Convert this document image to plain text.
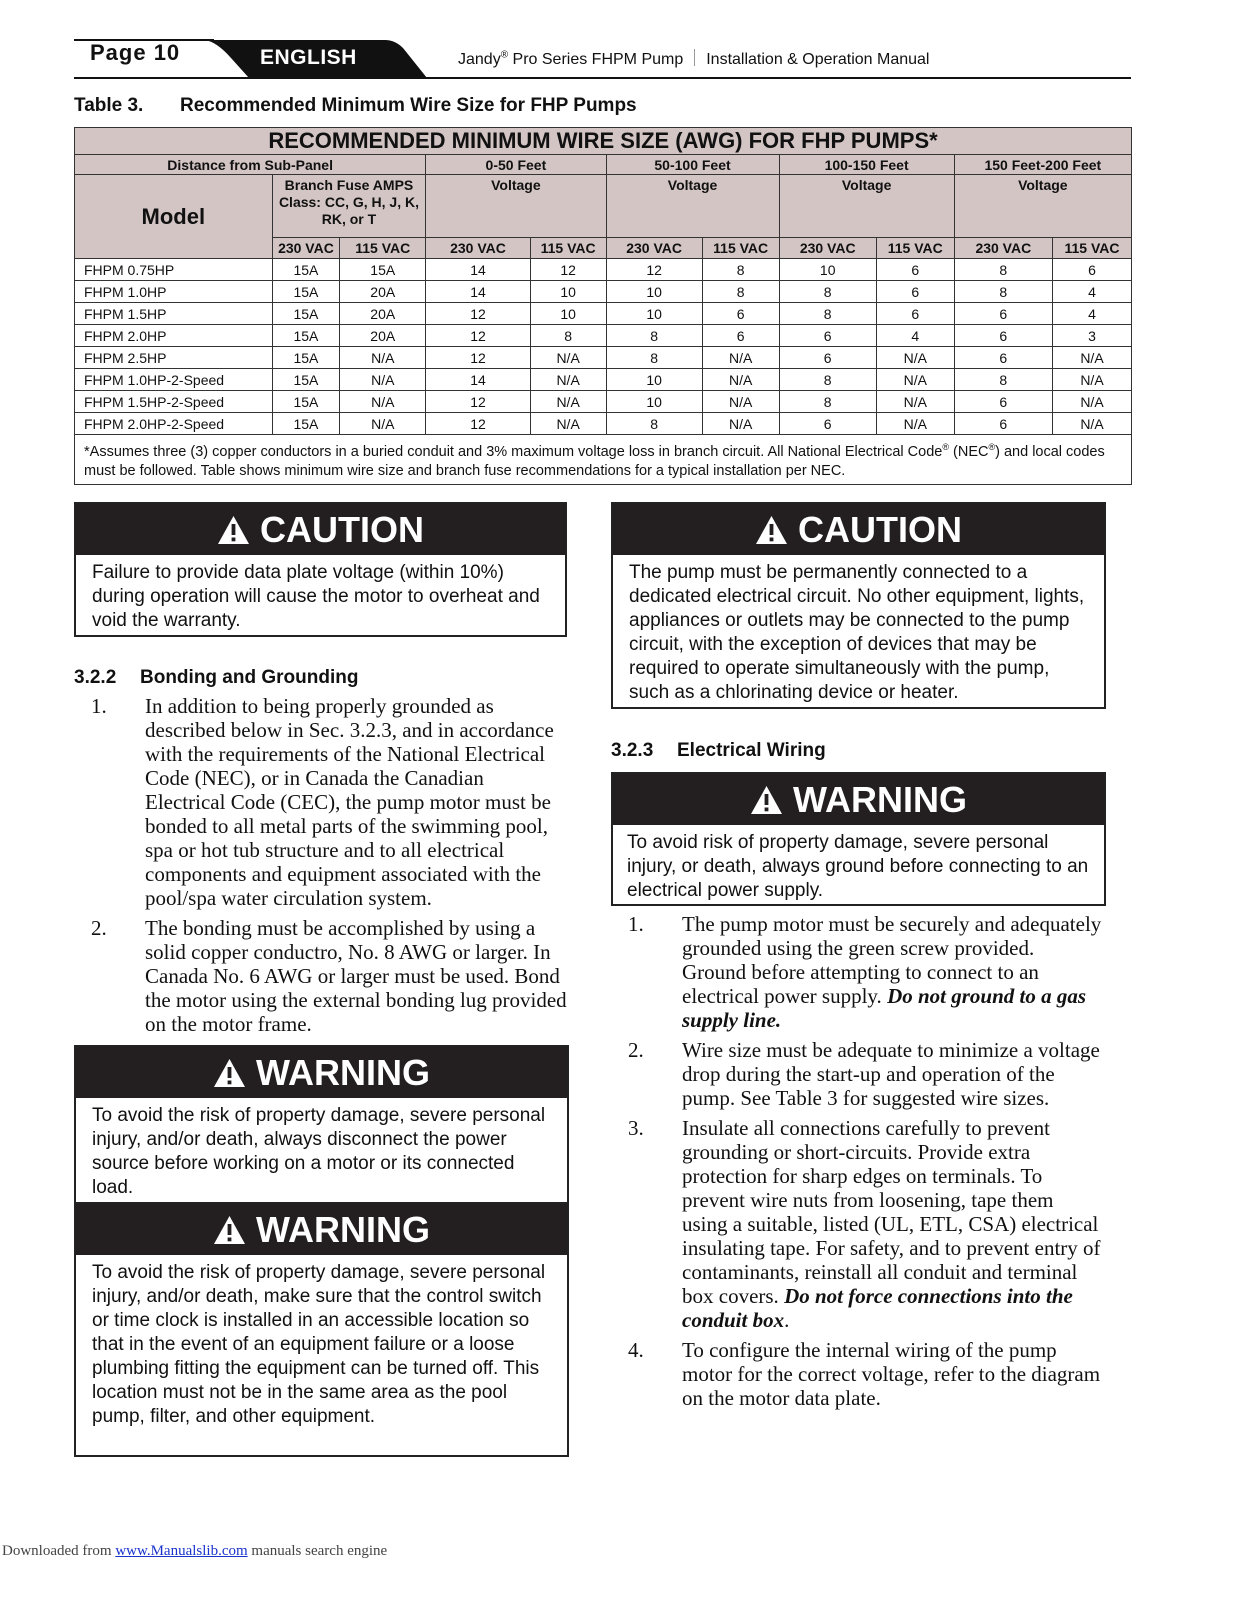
Page 10	ENGLISH	Jandy® Pro Series FHPM Pump Installation & Operation Manual
Table 3. Recommended Minimum Wire Size for FHP Pumps
RECOMMENDED MINIMUM WIRE SIZE (AWG) FOR FHP PUMPS*										
Distance from Sub-Panel			0-50 Feet		50-100 Feet		100-150 Feet		150 Feet-200 Feet	
Model	Branch Fuse AMPS Class: CC, G, H, J, K, RK, or T		Voltage		Voltage		Voltage		Voltage	
	230 VAC	115 VAC	230 VAC	115 VAC	230 VAC	115 VAC	230 VAC	115 VAC	230 VAC	115 VAC
FHPM 0.75HP	15A	15A	14	12	12	8	10	6	8	6
FHPM 1.0HP	15A	20A	14	10	10	8	8	6	8	4
FHPM 1.5HP	15A	20A	12	10	10	6	8	6	6	4
FHPM 2.0HP	15A	20A	12	8	8	6	6	4	6	3
FHPM 2.5HP	15A	N/A	12	N/A	8	N/A	6	N/A	6	N/A
FHPM 1.0HP-2-Speed	15A	N/A	14	N/A	10	N/A	8	N/A	8	N/A
FHPM 1.5HP-2-Speed	15A	N/A	12	N/A	10	N/A	8	N/A	6	N/A
FHPM 2.0HP-2-Speed	15A	N/A	12	N/A	8	N/A	6	N/A	6	N/A
*Assumes three (3) copper conductors in a buried conduit and 3% maximum voltage loss in branch circuit. All National Electrical Code® (NEC®) and local codes must be followed. Table shows minimum wire size and branch fuse recommendations for a typical installation per NEC.										
CAUTION
Failure to provide data plate voltage (within 10%) during operation will cause the motor to overheat and void the warranty.
CAUTION
The pump must be permanently connected to a dedicated electrical circuit. No other equipment, lights, appliances or outlets may be connected to the pump circuit, with the exception of devices that may be required to operate simultaneously with the pump, such as a chlorinating device or heater.
3.2.2 Bonding and Grounding
1. In addition to being properly grounded as described below in Sec. 3.2.3, and in accordance with the requirements of the National Electrical Code (NEC), or in Canada the Canadian Electrical Code (CEC), the pump motor must be bonded to all metal parts of the swimming pool, spa or hot tub structure and to all electrical components and equipment associated with the pool/spa water circulation system.
2. The bonding must be accomplished by using a solid copper conductro, No. 8 AWG or larger. In Canada No. 6 AWG or larger must be used. Bond the motor using the external bonding lug provided on the motor frame.
WARNING
To avoid the risk of property damage, severe personal injury, and/or death, always disconnect the power source before working on a motor or its connected load.
WARNING
To avoid the risk of property damage, severe personal injury, and/or death, make sure that the control switch or time clock is installed in an accessible location so that in the event of an equipment failure or a loose plumbing fitting the equipment can be turned off. This location must not be in the same area as the pool pump, filter, and other equipment.
3.2.3 Electrical Wiring
WARNING
To avoid risk of property damage, severe personal injury, or death, always ground before connecting to an electrical power supply.
1. The pump motor must be securely and adequately grounded using the green screw provided. Ground before attempting to connect to an electrical power supply. Do not ground to a gas supply line.
2. Wire size must be adequate to minimize a voltage drop during the start-up and operation of the pump. See Table 3 for suggested wire sizes.
3. Insulate all connections carefully to prevent grounding or short-circuits. Provide extra protection for sharp edges on terminals. To prevent wire nuts from loosening, tape them using a suitable, listed (UL, ETL, CSA) electrical insulating tape. For safety, and to prevent entry of contaminants, reinstall all conduit and terminal box covers. Do not force connections into the conduit box.
4. To configure the internal wiring of the pump motor for the correct voltage, refer to the diagram on the motor data plate.
Downloaded from www.Manualslib.com manuals search engine
